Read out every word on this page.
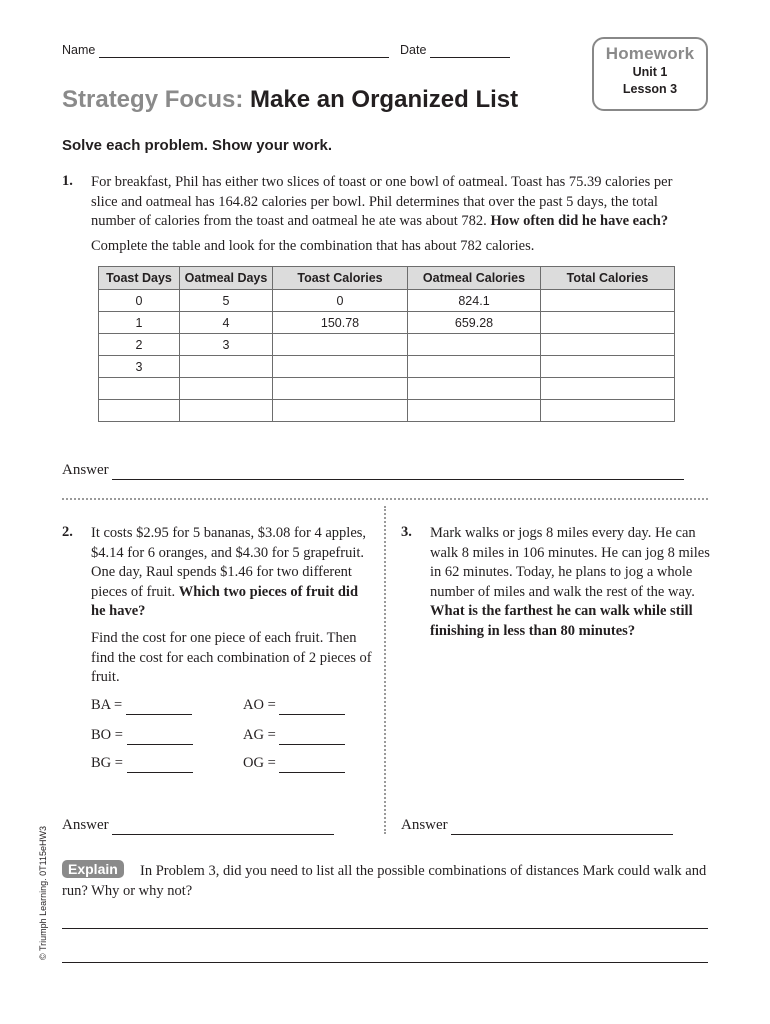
Name	Date	Homework
Unit 1
Lesson 3
Strategy Focus: Make an Organized List
Solve each problem. Show your work.
1. For breakfast, Phil has either two slices of toast or one bowl of oatmeal. Toast has 75.39 calories per slice and oatmeal has 164.82 calories per bowl. Phil determines that over the past 5 days, the total number of calories from the toast and oatmeal he ate was about 782. How often did he have each?
Complete the table and look for the combination that has about 782 calories.
Toast Days	Oatmeal Days	Toast Calories	Oatmeal Calories	Total Calories
0	5	0	824.1	
1	4	150.78	659.28	
2	3			
3				

Answer
2. It costs $2.95 for 5 bananas, $3.08 for 4 apples, $4.14 for 6 oranges, and $4.30 for 5 grapefruit. One day, Raul spends $1.46 for two different pieces of fruit. Which two pieces of fruit did he have?
Find the cost for one piece of each fruit. Then find the cost for each combination of 2 pieces of fruit.
BA =	AO =
BO =	AG =
BG =	OG =
Answer
3. Mark walks or jogs 8 miles every day. He can walk 8 miles in 106 minutes. He can jog 8 miles in 62 minutes. Today, he plans to jog a whole number of miles and walk the rest of the way. What is the farthest he can walk while still finishing in less than 80 minutes?
Answer
In Problem 3, did you need to list all the possible combinations of distances Mark could walk and run? Why or why not?
Explain
© Triumph Learning. 0T115eHW3
